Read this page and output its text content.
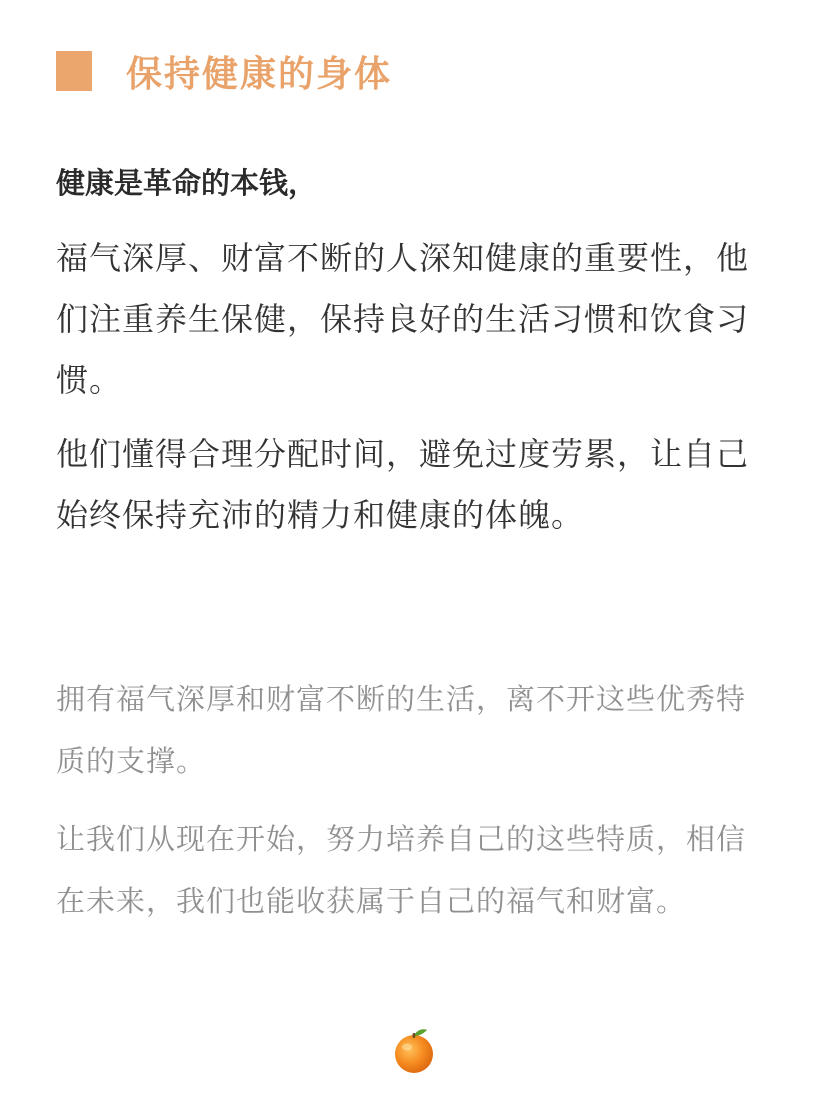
保持健康的身体
健康是革命的本钱，
福气深厚、财富不断的人深知健康的重要性，他们注重养生保健，保持良好的生活习惯和饮食习惯。
他们懂得合理分配时间，避免过度劳累，让自己始终保持充沛的精力和健康的体魄。
拥有福气深厚和财富不断的生活，离不开这些优秀特质的支撑。
让我们从现在开始，努力培养自己的这些特质，相信在未来，我们也能收获属于自己的福气和财富。
